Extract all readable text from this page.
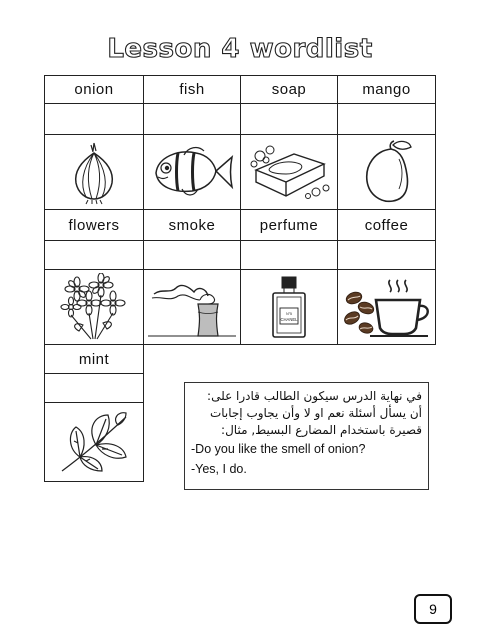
Lesson 4 wordlist
onion	fish	soap	mango
flowers	smoke	perfume	coffee
N°5
CHANEL
mint
في نهاية الدرس سيكون الطالب قادرا على:
أن يسأل أسئلة نعم او لا وأن يجاوب إجابات
قصيرة باستخدام المضارع البسيط, مثال:
-Do you like the smell of onion?
-Yes, I do.
9
